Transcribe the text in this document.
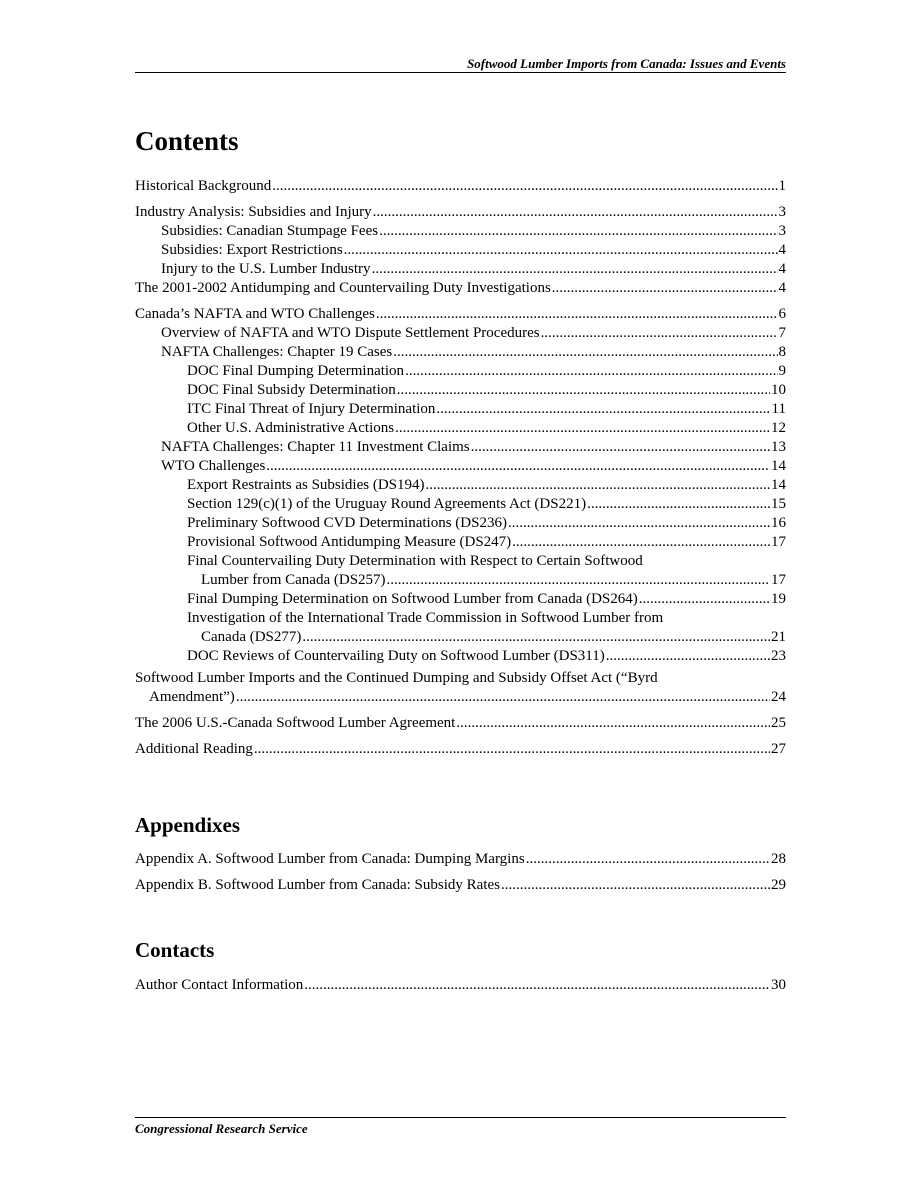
Softwood Lumber Imports from Canada: Issues and Events
Contents
Historical Background .....	1
Industry Analysis: Subsidies and Injury .....	3
Subsidies: Canadian Stumpage Fees .....	3
Subsidies: Export Restrictions .....	4
Injury to the U.S. Lumber Industry .....	4
The 2001-2002 Antidumping and Countervailing Duty Investigations .....	4
Canada’s NAFTA and WTO Challenges .....	6
Overview of NAFTA and WTO Dispute Settlement Procedures .....	7
NAFTA Challenges: Chapter 19 Cases .....	8
DOC Final Dumping Determination .....	9
DOC Final Subsidy Determination .....	10
ITC Final Threat of Injury Determination .....	11
Other U.S. Administrative Actions .....	12
NAFTA Challenges: Chapter 11 Investment Claims .....	13
WTO Challenges .....	14
Export Restraints as Subsidies (DS194) .....	14
Section 129(c)(1) of the Uruguay Round Agreements Act (DS221) .....	15
Preliminary Softwood CVD Determinations (DS236) .....	16
Provisional Softwood Antidumping Measure (DS247) .....	17
Final Countervailing Duty Determination with Respect to Certain Softwood
Lumber from Canada (DS257) .....	17
Final Dumping Determination on Softwood Lumber from Canada (DS264) .....	19
Investigation of the International Trade Commission in Softwood Lumber from
Canada (DS277) .....	21
DOC Reviews of Countervailing Duty on Softwood Lumber (DS311) .....	23
Softwood Lumber Imports and the Continued Dumping and Subsidy Offset Act (“Byrd
Amendment”) .....	24
The 2006 U.S.-Canada Softwood Lumber Agreement .....	25
Additional Reading .....	27
Appendixes
Appendix A. Softwood Lumber from Canada: Dumping Margins .....	28
Appendix B. Softwood Lumber from Canada: Subsidy Rates .....	29
Contacts
Author Contact Information .....	30
Congressional Research Service
